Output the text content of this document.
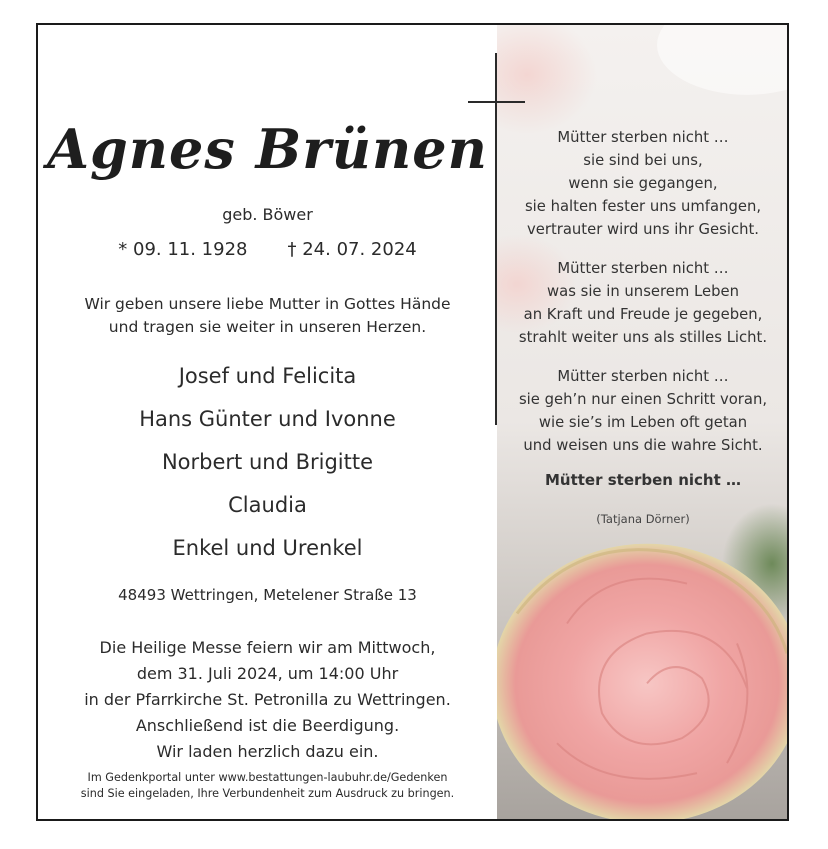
Agnes Brünen

geb. Böwer

* 09. 11. 1928 † 24. 07. 2024

Wir geben unsere liebe Mutter in Gottes Hände
und tragen sie weiter in unseren Herzen.
Josef und Felicita
Hans Günter und Ivonne
Norbert und Brigitte
Claudia
Enkel und Urenkel

48493 Wettringen, Metelener Straße 13

Die Heilige Messe feiern wir am Mittwoch,
dem 31. Juli 2024, um 14:00 Uhr
in der Pfarrkirche St. Petronilla zu Wettringen.
Anschließend ist die Beerdigung.
Wir laden herzlich dazu ein.
Im Gedenkportal unter www.bestattungen-laubuhr.de/Gedenken
sind Sie eingeladen, Ihre Verbundenheit zum Ausdruck zu bringen.
Mütter sterben nicht …
sie sind bei uns,
wenn sie gegangen,
sie halten fester uns umfangen,
vertrauter wird uns ihr Gesicht.
Mütter sterben nicht …
was sie in unserem Leben
an Kraft und Freude je gegeben,
strahlt weiter uns als stilles Licht.
Mütter sterben nicht …
sie geh’n nur einen Schritt voran,
wie sie’s im Leben oft getan
und weisen uns die wahre Sicht.

Mütter sterben nicht …

(Tatjana Dörner)
